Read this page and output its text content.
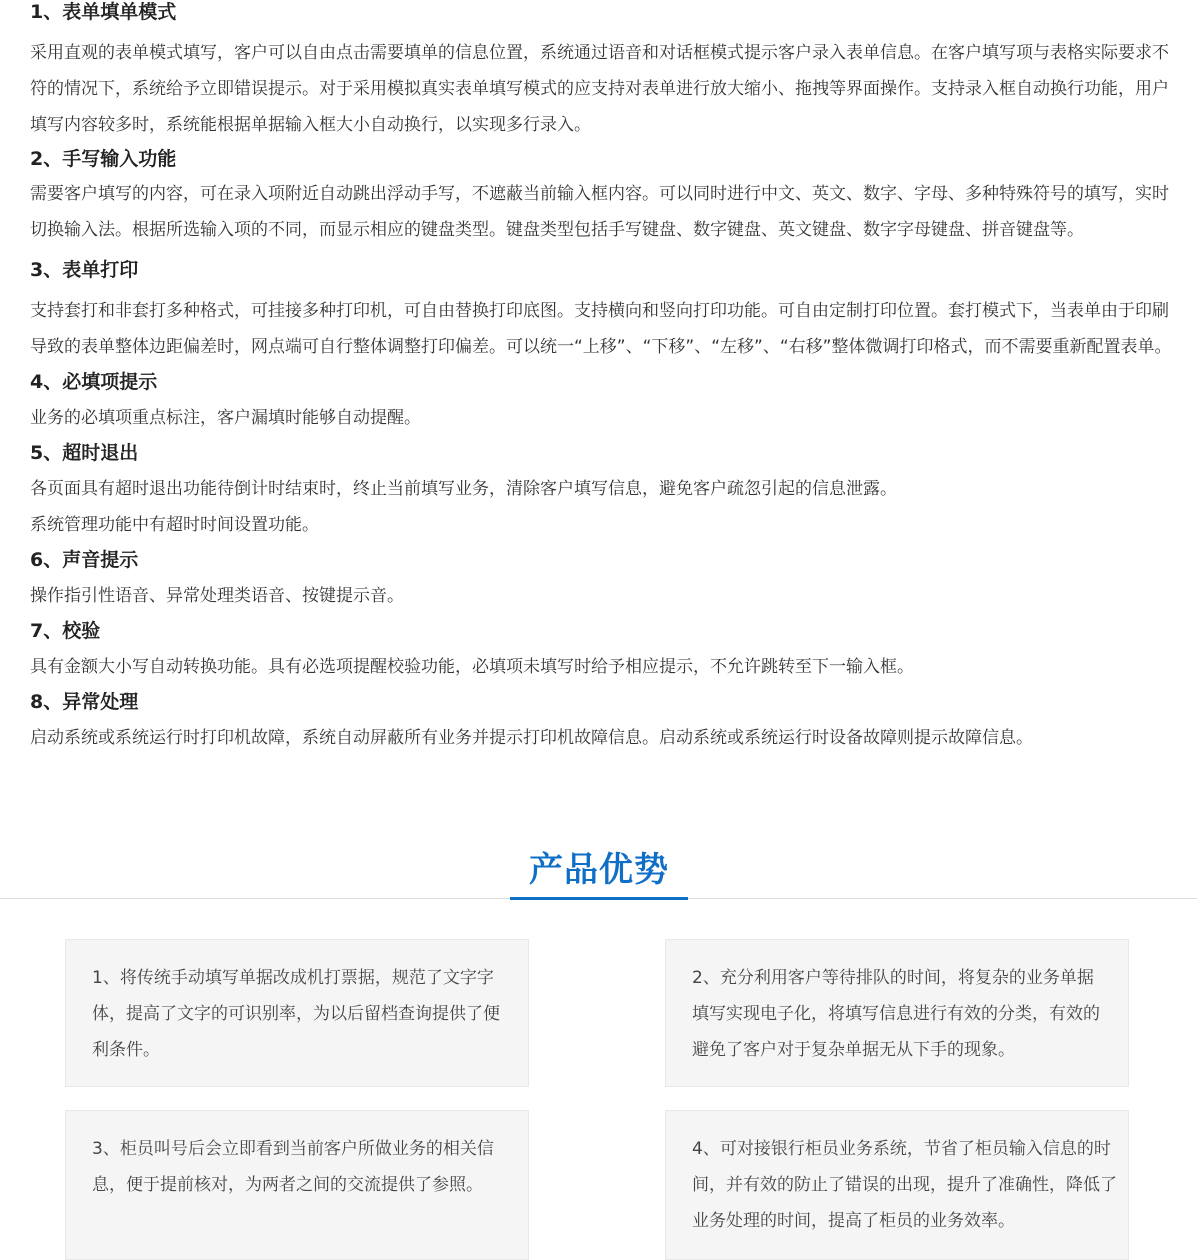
1、表单填单模式

采用直观的表单模式填写，客户可以自由点击需要填单的信息位置，系统通过语音和对话框模式提示客户录入表单信息。在客户填写项与表格实际要求不符的情况下，系统给予立即错误提示。对于采用模拟真实表单填写模式的应支持对表单进行放大缩小、拖拽等界面操作。支持录入框自动换行功能，用户填写内容较多时，系统能根据单据输入框大小自动换行，以实现多行录入。

2、手写输入功能

需要客户填写的内容，可在录入项附近自动跳出浮动手写，不遮蔽当前输入框内容。可以同时进行中文、英文、数字、字母、多种特殊符号的填写，实时切换输入法。根据所选输入项的不同，而显示相应的键盘类型。键盘类型包括手写键盘、数字键盘、英文键盘、数字字母键盘、拼音键盘等。

3、表单打印

支持套打和非套打多种格式，可挂接多种打印机，可自由替换打印底图。支持横向和竖向打印功能。可自由定制打印位置。套打模式下，当表单由于印刷导致的表单整体边距偏差时，网点端可自行整体调整打印偏差。可以统一“上移”、“下移”、“左移”、“右移”整体微调打印格式，而不需要重新配置表单。

4、必填项提示

业务的必填项重点标注，客户漏填时能够自动提醒。

5、超时退出

各页面具有超时退出功能待倒计时结束时，终止当前填写业务，清除客户填写信息，避免客户疏忽引起的信息泄露。

系统管理功能中有超时时间设置功能。

6、声音提示

操作指引性语音、异常处理类语音、按键提示音。

7、校验

具有金额大小写自动转换功能。具有必选项提醒校验功能，必填项未填写时给予相应提示，不允许跳转至下一输入框。

8、异常处理

启动系统或系统运行时打印机故障，系统自动屏蔽所有业务并提示打印机故障信息。启动系统或系统运行时设备故障则提示故障信息。

产品优势
1、将传统手动填写单据改成机打票据，规范了文字字体，提高了文字的可识别率，为以后留档查询提供了便利条件。
2、充分利用客户等待排队的时间，将复杂的业务单据填写实现电子化，将填写信息进行有效的分类，有效的避免了客户对于复杂单据无从下手的现象。
3、柜员叫号后会立即看到当前客户所做业务的相关信息，便于提前核对，为两者之间的交流提供了参照。
4、可对接银行柜员业务系统，节省了柜员输入信息的时间，并有效的防止了错误的出现，提升了准确性，降低了业务处理的时间，提高了柜员的业务效率。
